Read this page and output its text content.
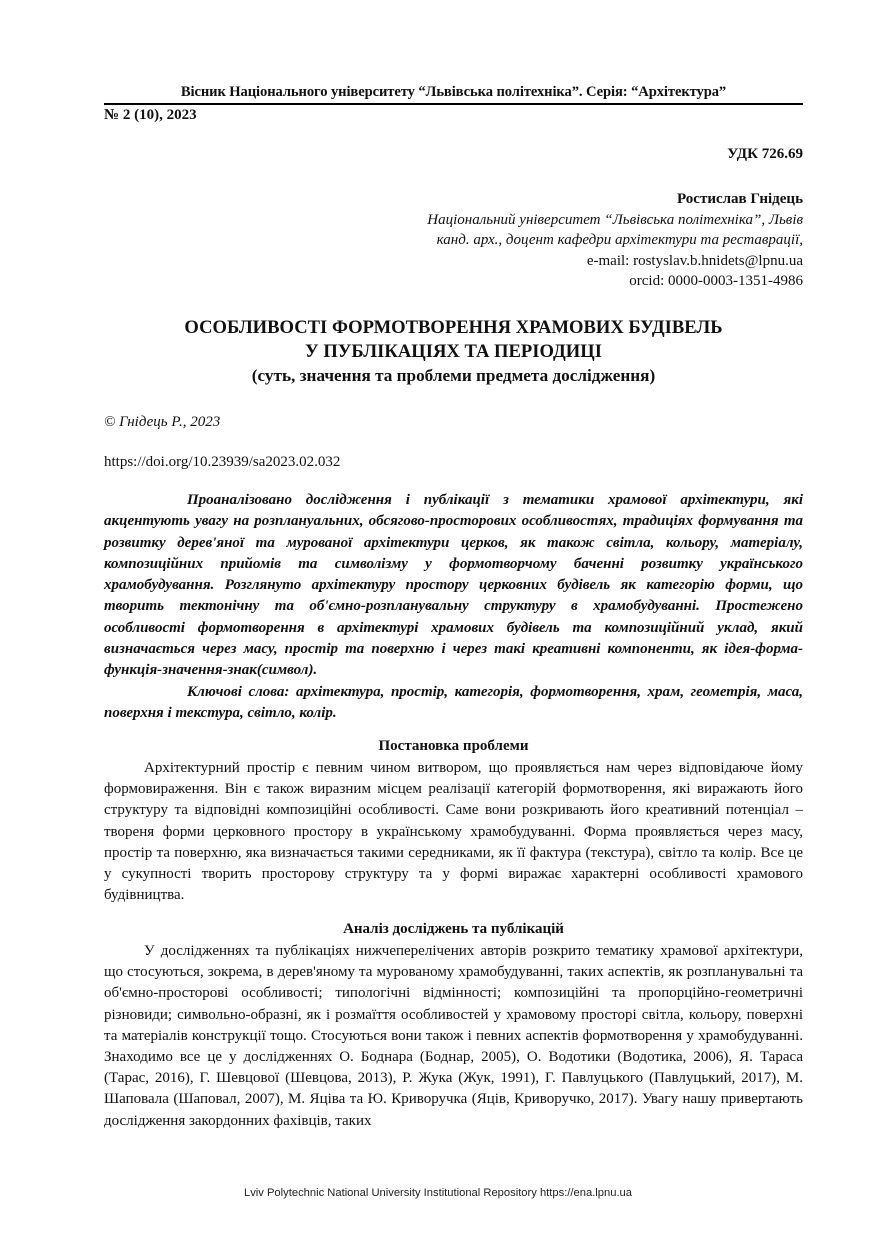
Вісник Національного університету “Львівська політехніка”. Серія: “Архітектура”
№ 2 (10), 2023
УДК 726.69
Ростислав Гнідець
Національний університет “Львівська політехніка”, Львів
канд. арх., доцент кафедри архітектури та реставрації,
e-mail: rostyslav.b.hnidets@lpnu.ua
orcid: 0000-0003-1351-4986
ОСОБЛИВОСТІ ФОРМОТВОРЕННЯ ХРАМОВИХ БУДІВЕЛЬ
У ПУБЛІКАЦІЯХ ТА ПЕРІОДИЦІ
(суть, значення та проблеми предмета дослідження)
© Гнідець Р., 2023
https://doi.org/10.23939/sa2023.02.032

Проаналізовано дослідження і публікації з тематики храмової архітектури, які акцентують увагу на розплануальних, обсягово-просторових особливостях, традиціях формування та розвитку дерев'яної та мурованої архітектури церков, як також світла, кольору, матеріалу, композиційних прийомів та символізму у формотворчому баченні розвитку українського храмобудування. Розглянуто архітектуру простору церковних будівель як категорію форми, що творить тектонічну та об'ємно-розпланувальну структуру в храмобудуванні. Простежено особливості формотворення в архітектурі храмових будівель та композиційний уклад, який визначається через масу, простір та поверхню і через такі креативні компоненти, як ідея-форма-функція-значення-знак(символ).

Ключові слова: архітектура, простір, категорія, формотворення, храм, геометрія, маса, поверхня і текстура, світло, колір.

Постановка проблеми

Архітектурний простір є певним чином витвором, що проявляється нам через відповідаюче йому формовираження. Він є також виразним місцем реалізації категорій формотворення, які виражають його структуру та відповідні композиційні особливості. Саме вони розкривають його креативний потенціал – твореня форми церковного простору в українському храмобудуванні. Форма проявляється через масу, простір та поверхню, яка визначається такими середниками, як її фактура (текстура), світло та колір. Все це у сукупності творить просторову структуру та у формі виражає характерні особливості храмового будівництва.

Аналіз досліджень та публікацій

У дослідженнях та публікаціях нижчеперелічених авторів розкрито тематику храмової архітектури, що стосуються, зокрема, в дерев'яному та мурованому храмобудуванні, таких аспектів, як розпланувальні та об'ємно-просторові особливості; типологічні відмінності; композиційні та пропорційно-геометричні різновиди; символьно-образні, як і розмаїття особливостей у храмовому просторі світла, кольору, поверхні та матеріалів конструкції тощо. Стосуються вони також і певних аспектів формотворення у храмобудуванні. Знаходимо все це у дослідженнях О. Боднара (Боднар, 2005), О. Водотики (Водотика, 2006), Я. Тараса (Тарас, 2016), Г. Шевцової (Шевцова, 2013), Р. Жука (Жук, 1991), Г. Павлуцького (Павлуцький, 2017), М. Шаповала (Шаповал, 2007), М. Яціва та Ю. Криворучка (Яців, Криворучко, 2017). Увагу нашу привертають дослідження закордонних фахівців, таких

Lviv Polytechnic National University Institutional Repository https://ena.lpnu.ua
